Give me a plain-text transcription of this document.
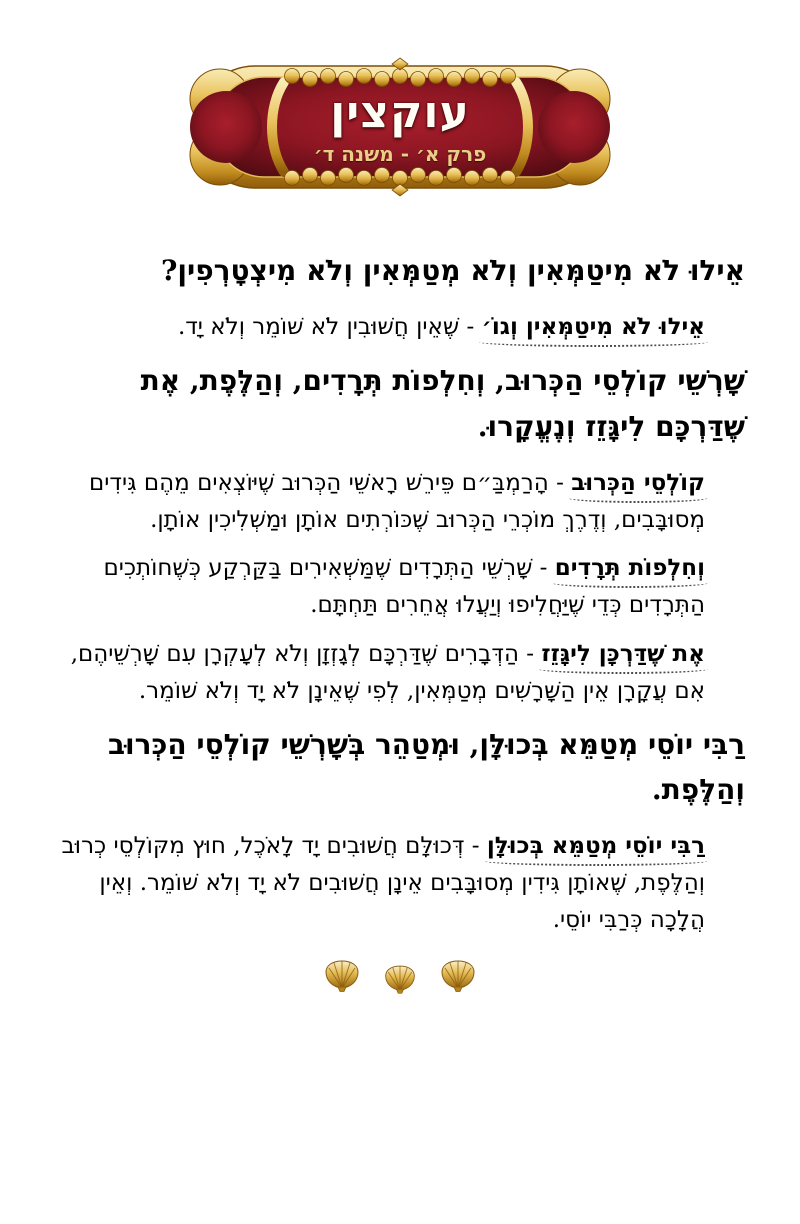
עוקצין
פרק א׳ - משנה ד׳

אֵילוּ לֹא מִיטַמְּאִין וְלֹא מְטַמְּאִין וְלֹא מִיצְטָרְפִין?

אֵילוּ לֹא מִיטַמְּאִין וְגוֹ׳ - שֶׁאֵין חֲשׁוּבִין לֹא שׁוֹמֵר וְלֹא יָד.

שָׁרְשֵׁי קוֹלְסֵי הַכְּרוּב, וְחִלְפוֹת תְּרָדִים, וְהַלֶּפֶת, אֶת שֶׁדַּרְכָּם לִיגָּזֵז וְנֶעֱקָרוּ.

קוֹלְסֵי הַכְּרוּב - הָרַמְבַּ״ם פֵּירֵשׁ רָאשֵׁי הַכְּרוּב שֶׁיּוֹצְאִים מֵהֶם גִּידִים מְסוּבָּבִים, וְדֶרֶךְ מוֹכְרֵי הַכְּרוּב שֶׁכּוֹרְתִים אוֹתָן וּמַשְׁלִיכִין אוֹתָן.

וְחִלְפוֹת תְּרָדִים - שָׁרְשֵׁי הַתְּרָדִים שֶׁמַּשְׁאִירִים בַּקַּרְקַע כְּשֶׁחוֹתְכִים הַתְּרָדִים כְּדֵי שֶׁיַּחֲלִיפוּ וְיַעֲלוּ אֲחֵרִים תַּחְתָּם.

אֶת שֶׁדַּרְכָּן לִיגָּזֵז - הַדְּבָרִים שֶׁדַּרְכָּם לְגָזְזָן וְלֹא לְעָקְרָן עִם שָׁרְשֵׁיהֶם, אִם עֲקָרָן אֵין הַשָּׁרָשִׁים מְטַמְּאִין, לְפִי שֶׁאֵינָן לֹא יָד וְלֹא שׁוֹמֵר.

רַבִּי יוֹסֵי מְטַמֵּא בְּכוּלָּן, וּמְטַהֵר בְּשָׁרְשֵׁי קוֹלְסֵי הַכְּרוּב וְהַלֶּפֶת.

רַבִּי יוֹסֵי מְטַמֵּא בְּכוּלָּן - דְּכוּלָּם חֲשׁוּבִים יָד לָאֹכֶל, חוּץ מִקּוֹלְסֵי כְרוּב וְהַלֶּפֶת, שֶׁאוֹתָן גִּידִין מְסוּבָּבִים אֵינָן חֲשׁוּבִים לֹא יָד וְלֹא שׁוֹמֵר. וְאֵין הֲלָכָה כְּרַבִּי יוֹסֵי.
